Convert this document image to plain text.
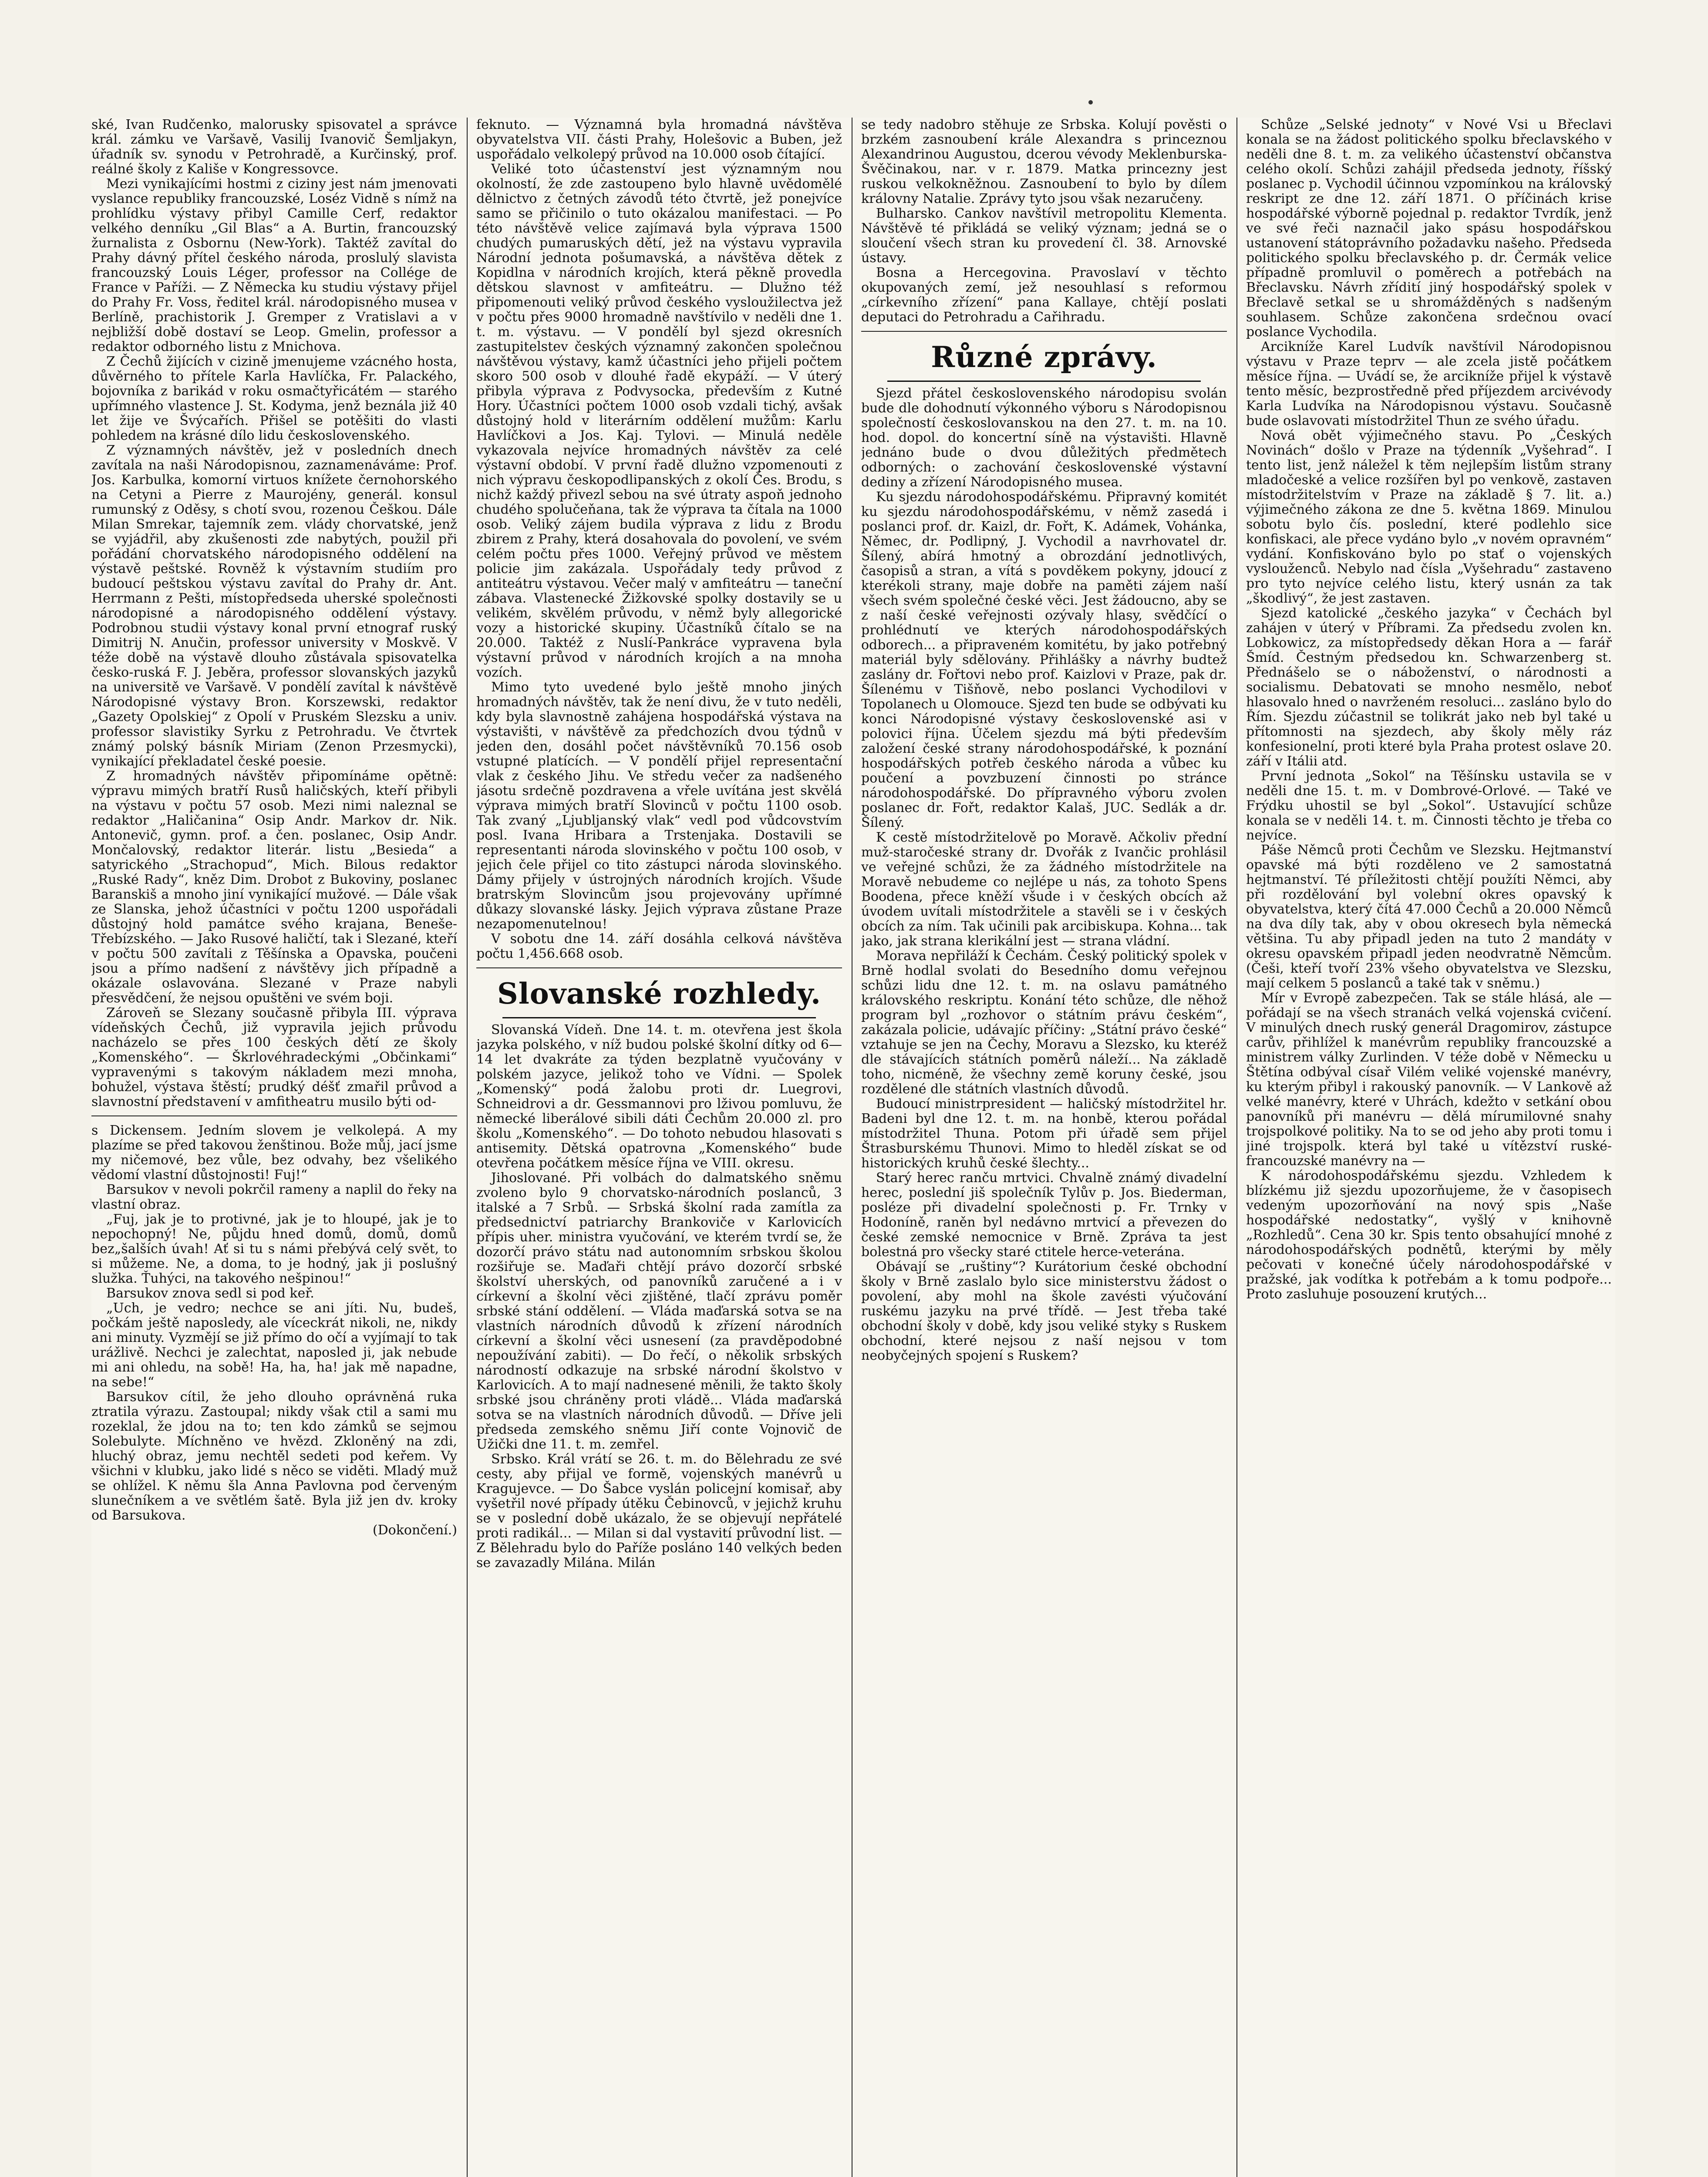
ské, Ivan Rudčenko, malorusky spisovatel a správce král. zámku ve Varšavě, Vasilij Ivanovič Šemljakyn, úřadník sv. synodu v Petrohradě, a Kurčinský, prof. reálné školy z Kališe v Kongressovce.

Mezi vynikajícími hostmi z ciziny jest nám jmenovati vyslance republiky francouzské, Loséz Vidně s nímž na prohlídku výstavy přibyl Camille Cerf, redaktor velkého denníku „Gil Blas“ a A. Burtin, francouzský žurnalista z Osbornu (New-York). Taktéž zavítal do Prahy dávný přítel českého národa, proslulý slavista francouzský Louis Léger, professor na Collége de France v Paříži. — Z Německa ku studiu výstavy přijel do Prahy Fr. Voss, ředitel král. národopisného musea v Berlíně, prachistorik J. Gremper z Vratislavi a v nejbližší době dostaví se Leop. Gmelin, professor a redaktor odborného listu z Mnichova.

Z Čechů žijících v cizině jmenujeme vzácného hosta, důvěrného to přítele Karla Havlíčka, Fr. Palackého, bojovníka z barikád v roku osmačtyřicátém — starého upřímného vlastence J. St. Kodyma, jenž beznála již 40 let žije ve Švýcařích. Přišel se potěšiti do vlasti pohledem na krásné dílo lidu československého.

Z významných návštěv, jež v posledních dnech zavítala na naši Národopisnou, zaznamenáváme: Prof. Jos. Karbulka, komorní virtuos knížete černohorského na Cetyni a Pierre z Maurojény, generál. konsul rumunský z Oděsy, s chotí svou, rozenou Češkou. Dále Milan Smrekar, tajemník zem. vlády chorvatské, jenž se vyjádřil, aby zkušenosti zde nabytých, použil při pořádání chorvatského národopisného oddělení na výstavě peštské. Rovněž k výstavním studiím pro budoucí peštskou výstavu zavítal do Prahy dr. Ant. Herrmann z Pešti, místopředseda uherské společnosti národopisné a národopisného oddělení výstavy. Podrobnou studii výstavy konal první etnograf ruský Dimitrij N. Anučin, professor university v Moskvě. V téže době na výstavě dlouho zůstávala spisovatelka česko-ruská F. J. Jeběra, professor slovanských jazyků na universitě ve Varšavě. V pondělí zavítal k návštěvě Národopisné výstavy Bron. Korszewski, redaktor „Gazety Opolskiej“ z Opolí v Pruském Slezsku a univ. professor slavistiky Syrku z Petrohradu. Ve čtvrtek známý polský básník Miriam (Zenon Przesmycki), vynikající překladatel české poesie.

Z hromadných návštěv připomínáme opětně: výpravu mimých bratří Rusů haličských, kteří přibyli na výstavu v počtu 57 osob. Mezi nimi naleznal se redaktor „Haličanina“ Osip Andr. Markov dr. Nik. Antonevič, gymn. prof. a čen. poslanec, Osip Andr. Mončalovský, redaktor literár. listu „Besieda“ a satyrického „Strachopud“, Mich. Bilous redaktor „Ruské Rady“, kněz Dim. Drobot z Bukoviny, poslanec Baranskiš a mnoho jiní vynikající mužové. — Dále však ze Slanska, jehož účastníci v počtu 1200 uspořádali důstojný hold památce svého krajana, Beneše-Třebízského. — Jako Rusové haličtí, tak i Slezané, kteří v počtu 500 zavítali z Těšínska a Opavska, poučeni jsou a přímo nadšení z návštěvy jich případně a okázale oslavována. Slezané v Praze nabyli přesvědčení, že nejsou opuštěni ve svém boji.

Zároveň se Slezany současně přibyla III. výprava vídeňských Čechů, již vypravila jejich průvodu nacházelo se přes 100 českých dětí ze školy „Komenského“. — Škrlovéhradeckými „Občinkami“ vypravenými s takovým nákladem mezi mnoha, bohužel, výstava štěstí; prudký déšť zmařil průvod a slavnostní představení v amfitheatru musilo býti od-

s Dickensem. Jedním slovem je velkolepá. A my plazíme se před takovou ženštinou. Bože můj, jací jsme my ničemové, bez vůle, bez odvahy, bez všelikého vědomí vlastní důstojnosti! Fuj!“

Barsukov v nevoli pokrčil rameny a naplil do řeky na vlastní obraz.

„Fuj, jak je to protivné, jak je to hloupé, jak je to nepochopný! Ne, půjdu hned domů, domů, domů bez„šalších úvah! Ať si tu s námi přebývá celý svět, to si můžeme. Ne, a doma, to je hodný, jak ji poslušný služka. Ťuhýci, na takového nešpinou!“

Barsukov znova sedl si pod keř.

„Uch, je vedro; nechce se ani jíti. Nu, budeš, počkám ještě naposledy, ale víceckrát nikoli, ne, nikdy ani minuty. Vyzmějí se již přímo do očí a vyjímají to tak urážlivě. Nechci je zalechtat, naposled ji, jak nebude mi ani ohledu, na sobě! Ha, ha, ha! jak mě napadne, na sebe!“

Barsukov cítil, že jeho dlouho oprávněná ruka ztratila výrazu. Zastoupal; nikdy však ctil a sami mu rozeklal, že jdou na to; ten kdo zámků se sejmou Solebulyte. Míchněno ve hvězd. Zkloněný na zdi, hluchý obraz, jemu nechtěl sedeti pod keřem. Vy všichni v klubku, jako lidé s něco se viděti. Mladý muž se ohlížel. K němu šla Anna Pavlovna pod červeným slunečníkem a ve světlém šatě. Byla již jen dv. kroky od Barsukova.

(Dokončení.)

feknuto. — Významná byla hromadná návštěva obyvatelstva VII. části Prahy, Holešovic a Buben, jež uspořádalo velkolepý průvod na 10.000 osob čítající.

Veliké toto účastenství jest významným nou okolností, že zde zastoupeno bylo hlavně uvědomělé dělnictvo z četných závodů této čtvrtě, jež ponejvíce samo se přičinilo o tuto okázalou manifestaci. — Po této návštěvě velice zajímavá byla výprava 1500 chudých pumaruských dětí, jež na výstavu vypravila Národní jednota pošumavská, a návštěva dětek z Kopidlna v národních krojích, která pěkně provedla dětskou slavnost v amfiteátru. — Dlužno též připomenouti veliký průvod českého vysloužilectva jež v počtu přes 9000 hromadně navštívilo v neděli dne 1. t. m. výstavu. — V pondělí byl sjezd okresních zastupitelstev českých významný zakončen společnou návštěvou výstavy, kamž účastníci jeho přijeli počtem skoro 500 osob v dlouhé řadě ekypáží. — V úterý přibyla výprava z Podvysocka, především z Kutné Hory. Účastníci počtem 1000 osob vzdali tichý, avšak důstojný hold v literárním oddělení mužům: Karlu Havlíčkovi a Jos. Kaj. Tylovi. — Minulá neděle vykazovala nejvíce hromadných návštěv za celé výstavní období. V první řadě dlužno vzpomenouti z nich výpravu českopodlipanských z okolí Čes. Brodu, s nichž každý přivezl sebou na své útraty aspoň jednoho chudého spolučeňana, tak že výprava ta čítala na 1000 osob. Veliký zájem budila výprava z lidu z Brodu zbirem z Prahy, která dosahovala do povolení, ve svém celém počtu přes 1000. Veřejný průvod ve městem policie jim zakázala. Uspořádaly tedy průvod z antiteátru výstavou. Večer malý v amfiteátru — taneční zábava. Vlastenecké Žižkovské spolky dostavily se u velikém, skvělém průvodu, v němž byly allegorické vozy a historické skupiny. Účastníků čítalo se na 20.000. Taktéž z Nuslí-Pankráce vypravena byla výstavní průvod v národních krojích a na mnoha vozích.

Mimo tyto uvedené bylo ještě mnoho jiných hromadných návštěv, tak že není divu, že v tuto neděli, kdy byla slavnostně zahájena hospodářská výstava na výstavišti, v návštěvě za předchozích dvou týdnů v jeden den, dosáhl počet návštěvníků 70.156 osob vstupné platících. — V pondělí přijel representační vlak z českého Jihu. Ve středu večer za nadšeného jásotu srdečně pozdravena a vřele uvítána jest skvělá výprava mimých bratří Slovinců v počtu 1100 osob. Tak zvaný „Ljubljanský vlak“ vedl pod vůdcovstvím posl. Ivana Hribara a Trstenjaka. Dostavili se representanti národa slovinského v počtu 100 osob, v jejich čele přijel co tito zástupci národa slovinského. Dámy přijely v ústrojných národních krojích. Všude bratrským Slovincům jsou projevovány upřímné důkazy slovanské lásky. Jejich výprava zůstane Praze nezapomenutelnou!

V sobotu dne 14. září dosáhla celková návštěva počtu 1,456.668 osob.

Slovanské rozhledy.

Slovanská Vídeň. Dne 14. t. m. otevřena jest škola jazyka polského, v níž budou polské školní dítky od 6—14 let dvakráte za týden bezplatně vyučovány v polském jazyce, jelikož toho ve Vídni. — Spolek „Komenský“ podá žalobu proti dr. Luegrovi, Schneidrovi a dr. Gessmannovi pro lživou pomluvu, že německé liberálové sibili dáti Čechům 20.000 zl. pro školu „Komenského“. — Do tohoto nebudou hlasovati s antisemity. Dětská opatrovna „Komenského“ bude otevřena počátkem měsíce října ve VIII. okresu.

Jihoslované. Při volbách do dalmatského sněmu zvoleno bylo 9 chorvatsko-národních poslanců, 3 italské a 7 Srbů. — Srbská školní rada zamítla za předsednictví patriarchy Brankoviče v Karlovicích přípis uher. ministra vyučování, ve kterém tvrdí se, že dozorčí právo státu nad autonomním srbskou školou rozšiřuje se. Maďaři chtějí právo dozorčí srbské školství uherských, od panovníků zaručené a i v církevní a školní věci zjištěné, tlačí zprávu poměr srbské stání oddělení. — Vláda maďarská sotva se na vlastních národních důvodů k zřízení národních církevní a školní věci usnesení (za pravděpodobné nepoužívání zabiti). — Do řečí, o několik srbských národností odkazuje na srbské národní školstvo v Karlovicích. A to mají nadnesené měnili, že takto školy srbské jsou chráněny proti vládě... Vláda maďarská sotva se na vlastních národních důvodů. — Dříve jeli předseda zemského sněmu Jiří conte Vojnovič de Užički dne 11. t. m. zemřel.

Srbsko. Král vrátí se 26. t. m. do Bělehradu ze své cesty, aby přijal ve formě, vojenských manévrů u Kragujevce. — Do Šabce vyslán policejní komisař, aby vyšetřil nové případy útěku Čebinovců, v jejichž kruhu se v poslední době ukázalo, že se objevují nepřátelé proti radikál... — Milan si dal vystavití průvodní list. — Z Bělehradu bylo do Paříže posláno 140 velkých beden se zavazadly Milána. Milán

se tedy nadobro stěhuje ze Srbska. Kolují pověsti o brzkém zasnoubení krále Alexandra s princeznou Alexandrinou Augustou, dcerou vévody Meklenburska-Švěčinakou, nar. v r. 1879. Matka princezny jest ruskou velkokněžnou. Zasnoubení to bylo by dílem královny Natalie. Zprávy tyto jsou však nezaručeny.

Bulharsko. Cankov navštívil metropolitu Klementa. Návštěvě té přikládá se veliký význam; jedná se o sloučení všech stran ku provedení čl. 38. Arnovské ústavy.

Bosna a Hercegovina. Pravoslaví v těchto okupovaných zemí, jež nesouhlasí s reformou „církevního zřízení“ pana Kallaye, chtějí poslati deputaci do Petrohradu a Cařihradu.

Různé zprávy.

Sjezd přátel československého národopisu svolán bude dle dohodnutí výkonného výboru s Národopisnou společností českoslovanskou na den 27. t. m. na 10. hod. dopol. do koncertní síně na výstavišti. Hlavně jednáno bude o dvou důležitých předmětech odborných: o zachování československé výstavní dediny a zřízení Národopisného musea.

Ku sjezdu národohospodářskému. Připravný komitét ku sjezdu národohospodářskému, v němž zasedá i poslanci prof. dr. Kaizl, dr. Fořt, K. Adámek, Vohánka, Němec, dr. Podlipný, J. Vychodil a navrhovatel dr. Šílený, abírá hmotný a obrozdání jednotlivých, časopisů a stran, a vítá s povděkem pokyny, jdoucí z kterékoli strany, maje dobře na paměti zájem naší všech svém společné české věci. Jest žádoucno, aby se z naší české veřejnosti ozývaly hlasy, svědčící o prohlédnutí ve kterých národohospodářských odborech... a připraveném komitétu, by jako potřebný materiál byly sdělovány. Přihlášky a návrhy budtež zaslány dr. Fořtovi nebo prof. Kaizlovi v Praze, pak dr. Šílenému v Tišňově, nebo poslanci Vychodilovi v Topolanech u Olomouce. Sjezd ten bude se odbývati ku konci Národopisné výstavy československé asi v polovici října. Účelem sjezdu má býti především založení české strany národohospodářské, k poznání hospodářských potřeb českého národa a vůbec ku poučení a povzbuzení činnosti po stránce národohospodářské. Do přípravného výboru zvolen poslanec dr. Fořt, redaktor Kalaš, JUC. Sedlák a dr. Šílený.

K cestě místodržitelově po Moravě. Ačkoliv přední muž-staročeské strany dr. Dvořák z Ivančic prohlásil ve veřejné schůzi, že za žádného místodržitele na Moravě nebudeme co nejlépe u nás, za tohoto Spens Boodena, přece kněží všude i v českých obcích až úvodem uvítali místodržitele a stavěli se i v českých obcích za ním. Tak učinili pak arcibiskupa. Kohna... tak jako, jak strana klerikální jest — strana vládní.

Morava nepřiláží k Čechám. Český politický spolek v Brně hodlal svolati do Besedního domu veřejnou schůzi lidu dne 12. t. m. na oslavu památného královského reskriptu. Konání této schůze, dle něhož program byl „rozhovor o státním právu českém“, zakázala policie, udávajíc příčiny: „Státní právo české“ vztahuje se jen na Čechy, Moravu a Slezsko, ku kteréž dle stávajících státních poměrů náleží... Na základě toho, nicméně, že všechny země koruny české, jsou rozdělené dle státních vlastních důvodů.

Budoucí ministrpresident — haličský místodržitel hr. Badeni byl dne 12. t. m. na honbě, kterou pořádal místodržitel Thuna. Potom při úřadě sem přijel Štrasburskému Thunovi. Mimo to hleděl získat se od historických kruhů české šlechty...

Starý herec ranču mrtvici. Chvalně známý divadelní herec, poslední jiš společník Tylův p. Jos. Biederman, posléze při divadelní společnosti p. Fr. Trnky v Hodoníně, raněn byl nedávno mrtvicí a převezen do české zemské nemocnice v Brně. Zpráva ta jest bolestná pro všecky staré ctitele herce-veterána.

Obávají se „ruštiny“? Kurátorium české obchodní školy v Brně zaslalo bylo sice ministerstvu žádost o povolení, aby mohl na škole zavésti výučování ruskému jazyku na prvé třídě. — Jest třeba také obchodní školy v době, kdy jsou veliké styky s Ruskem obchodní, které nejsou z naší nejsou v tom neobyčejných spojení s Ruskem?

Schůze „Selské jednoty“ v Nové Vsi u Břeclavi konala se na žádost politického spolku břeclavského v neděli dne 8. t. m. za velikého účastenství občanstva celého okolí. Schůzi zahájil předseda jednoty, říšský poslanec p. Vychodil účinnou vzpomínkou na královský reskript ze dne 12. září 1871. O příčinách krise hospodářské výborně pojednal p. redaktor Tvrdík, jenž ve své řeči naznačil jako spásu hospodářskou ustanovení státoprávního požadavku našeho. Předseda politického spolku břeclavského p. dr. Čermák velice případně promluvil o poměrech a potřebách na Břeclavsku. Návrh zřídití jiný hospodářský spolek v Břeclavě setkal se u shromážděných s nadšeným souhlasem. Schůze zakončena srdečnou ovací poslance Vychodila.

Arcikníže Karel Ludvík navštívil Národopisnou výstavu v Praze teprv — ale zcela jistě počátkem měsíce října. — Uvádí se, že arcikníže přijel k výstavě tento měsíc, bezprostředně před příjezdem arcivévody Karla Ludvíka na Národopisnou výstavu. Současně bude oslavovati místodržitel Thun ze svého úřadu.

Nová obět výjimečného stavu. Po „Českých Novinách“ došlo v Praze na týdenník „Vyšehrad“. I tento list, jenž náležel k těm nejlepším listům strany mladočeské a velice rozšířen byl po venkově, zastaven místodržitelstvím v Praze na základě § 7. lit. a.) výjimečného zákona ze dne 5. května 1869. Minulou sobotu bylo čís. poslední, které podlehlo sice konfiskaci, ale přece vydáno bylo „v novém opravném“ vydání. Konfiskováno bylo po stať o vojenských vyslouženců. Nebylo nad čísla „Vyšehradu“ zastaveno pro tyto nejvíce celého listu, který usnán za tak „škodlivý“, že jest zastaven.

Sjezd katolické „českého jazyka“ v Čechách byl zahájen v úterý v Příbrami. Za předsedu zvolen kn. Lobkowicz, za místopředsedy děkan Hora a — farář Šmíd. Čestným předsedou kn. Schwarzenberg st. Přednášelo se o náboženství, o národnosti a socialismu. Debatovati se mnoho nesmělo, neboť hlasovalo hned o navrženém resoluci... zasláno bylo do Řím. Sjezdu zúčastnil se tolikrát jako neb byl také u přítomnosti na sjezdech, aby školy měly ráz konfesionelní, proti které byla Praha protest oslave 20. září v Itálii atd.

První jednota „Sokol“ na Těšínsku ustavila se v neděli dne 15. t. m. v Dombrové-Orlové. — Také ve Frýdku uhostil se byl „Sokol“. Ustavující schůze konala se v neděli 14. t. m. Činnosti těchto je třeba co nejvíce.

Páše Němců proti Čechům ve Slezsku. Hejtmanství opavské má býti rozděleno ve 2 samostatná hejtmanství. Té příležitosti chtějí použíti Němci, aby při rozdělování byl volební okres opavský k obyvatelstva, který čítá 47.000 Čechů a 20.000 Němců na dva díly tak, aby v obou okresech byla německá většina. Tu aby připadl jeden na tuto 2 mandáty v okresu opavském připadl jeden neodvratně Němcům. (Češi, kteří tvoří 23% všeho obyvatelstva ve Slezsku, mají celkem 5 poslanců a také tak v sněmu.)

Mír v Evropě zabezpečen. Tak se stále hlásá, ale — pořádají se na všech stranách velká vojenská cvičení. V minulých dnech ruský generál Dragomirov, zástupce carův, přihlížel k manévrům republiky francouzské a ministrem války Zurlinden. V téže době v Německu u Štětína odbýval císař Vilém veliké vojenské manévry, ku kterým přibyl i rakouský panovník. — V Lankově až velké manévry, které v Uhrách, kdežto v setkání obou panovníků při manévru — dělá mírumilovné snahy trojspolkové politiky. Na to se od jeho aby proti tomu i jiné trojspolk. která byl také u vítězství ruské-francouzské manévry na —

K národohospodářskému sjezdu. Vzhledem k blízkému již sjezdu upozorňujeme, že v časopisech vedeným upozorňování na nový spis „Naše hospodářské nedostatky“, vyšlý v knihovně „Rozhledů“. Cena 30 kr. Spis tento obsahující mnohé z národohospodářských podnětů, kterými by měly pečovati v konečné účely národohospodářské v pražské, jak vodítka k potřebám a k tomu podpoře... Proto zasluhuje posouzení krutých...
